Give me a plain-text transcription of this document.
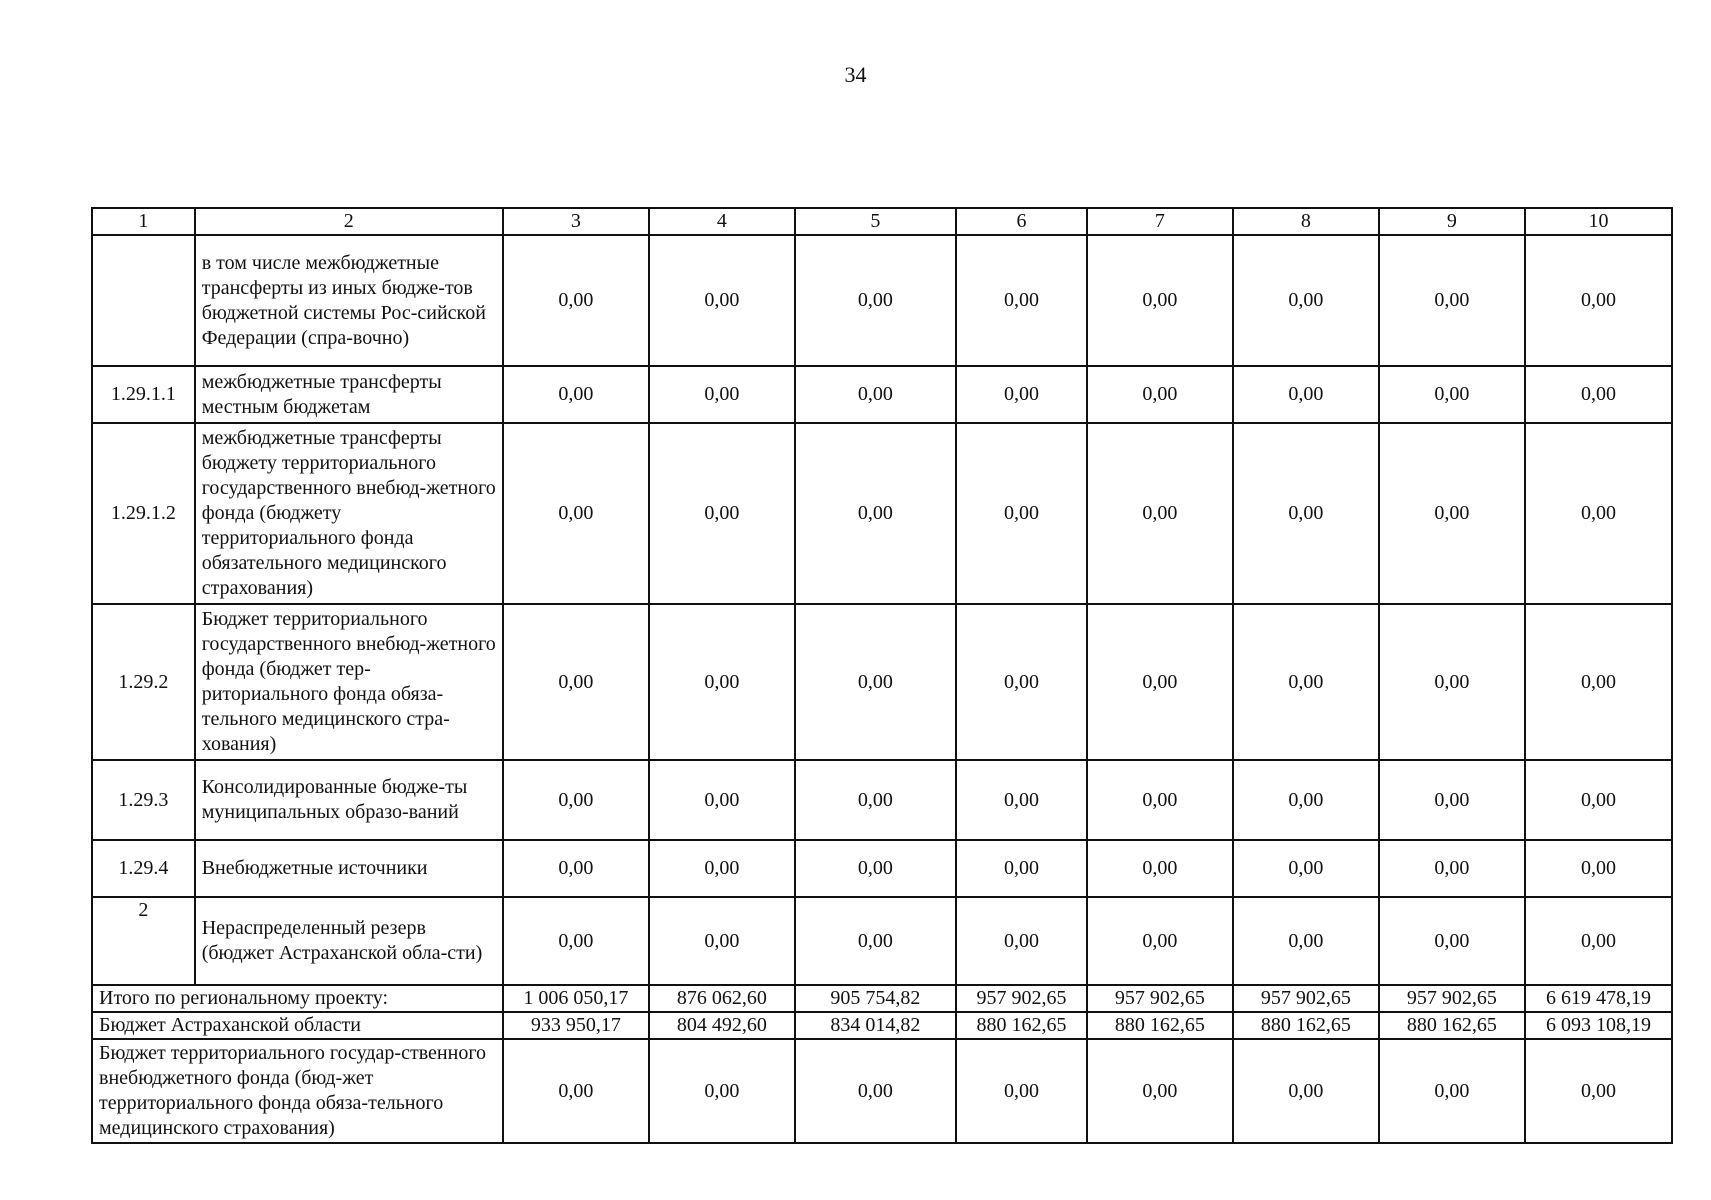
34
1	2	3	4	5	6	7	8	9	10
	в том числе межбюджетные трансферты из иных бюдже-тов бюджетной системы Рос-сийской Федерации (спра-вочно)	0,00	0,00	0,00	0,00	0,00	0,00	0,00	0,00
1.29.1.1	межбюджетные трансферты местным бюджетам	0,00	0,00	0,00	0,00	0,00	0,00	0,00	0,00
1.29.1.2	межбюджетные трансферты бюджету территориального государственного внебюд-жетного фонда (бюджету территориального фонда обязательного медицинского страхования)	0,00	0,00	0,00	0,00	0,00	0,00	0,00	0,00
1.29.2	Бюджет территориального государственного внебюд-жетного фонда (бюджет тер-риториального фонда обяза-тельного медицинского стра-хования)	0,00	0,00	0,00	0,00	0,00	0,00	0,00	0,00
1.29.3	Консолидированные бюдже-ты муниципальных образо-ваний	0,00	0,00	0,00	0,00	0,00	0,00	0,00	0,00
1.29.4	Внебюджетные источники	0,00	0,00	0,00	0,00	0,00	0,00	0,00	0,00
2	Нераспределенный резерв (бюджет Астраханской обла-сти)	0,00	0,00	0,00	0,00	0,00	0,00	0,00	0,00
Итого по региональному проекту:		1 006 050,17	876 062,60	905 754,82	957 902,65	957 902,65	957 902,65	957 902,65	6 619 478,19
Бюджет Астраханской области		933 950,17	804 492,60	834 014,82	880 162,65	880 162,65	880 162,65	880 162,65	6 093 108,19
Бюджет территориального государ-ственного внебюджетного фонда (бюд-жет территориального фонда обяза-тельного медицинского страхования)		0,00	0,00	0,00	0,00	0,00	0,00	0,00	0,00
